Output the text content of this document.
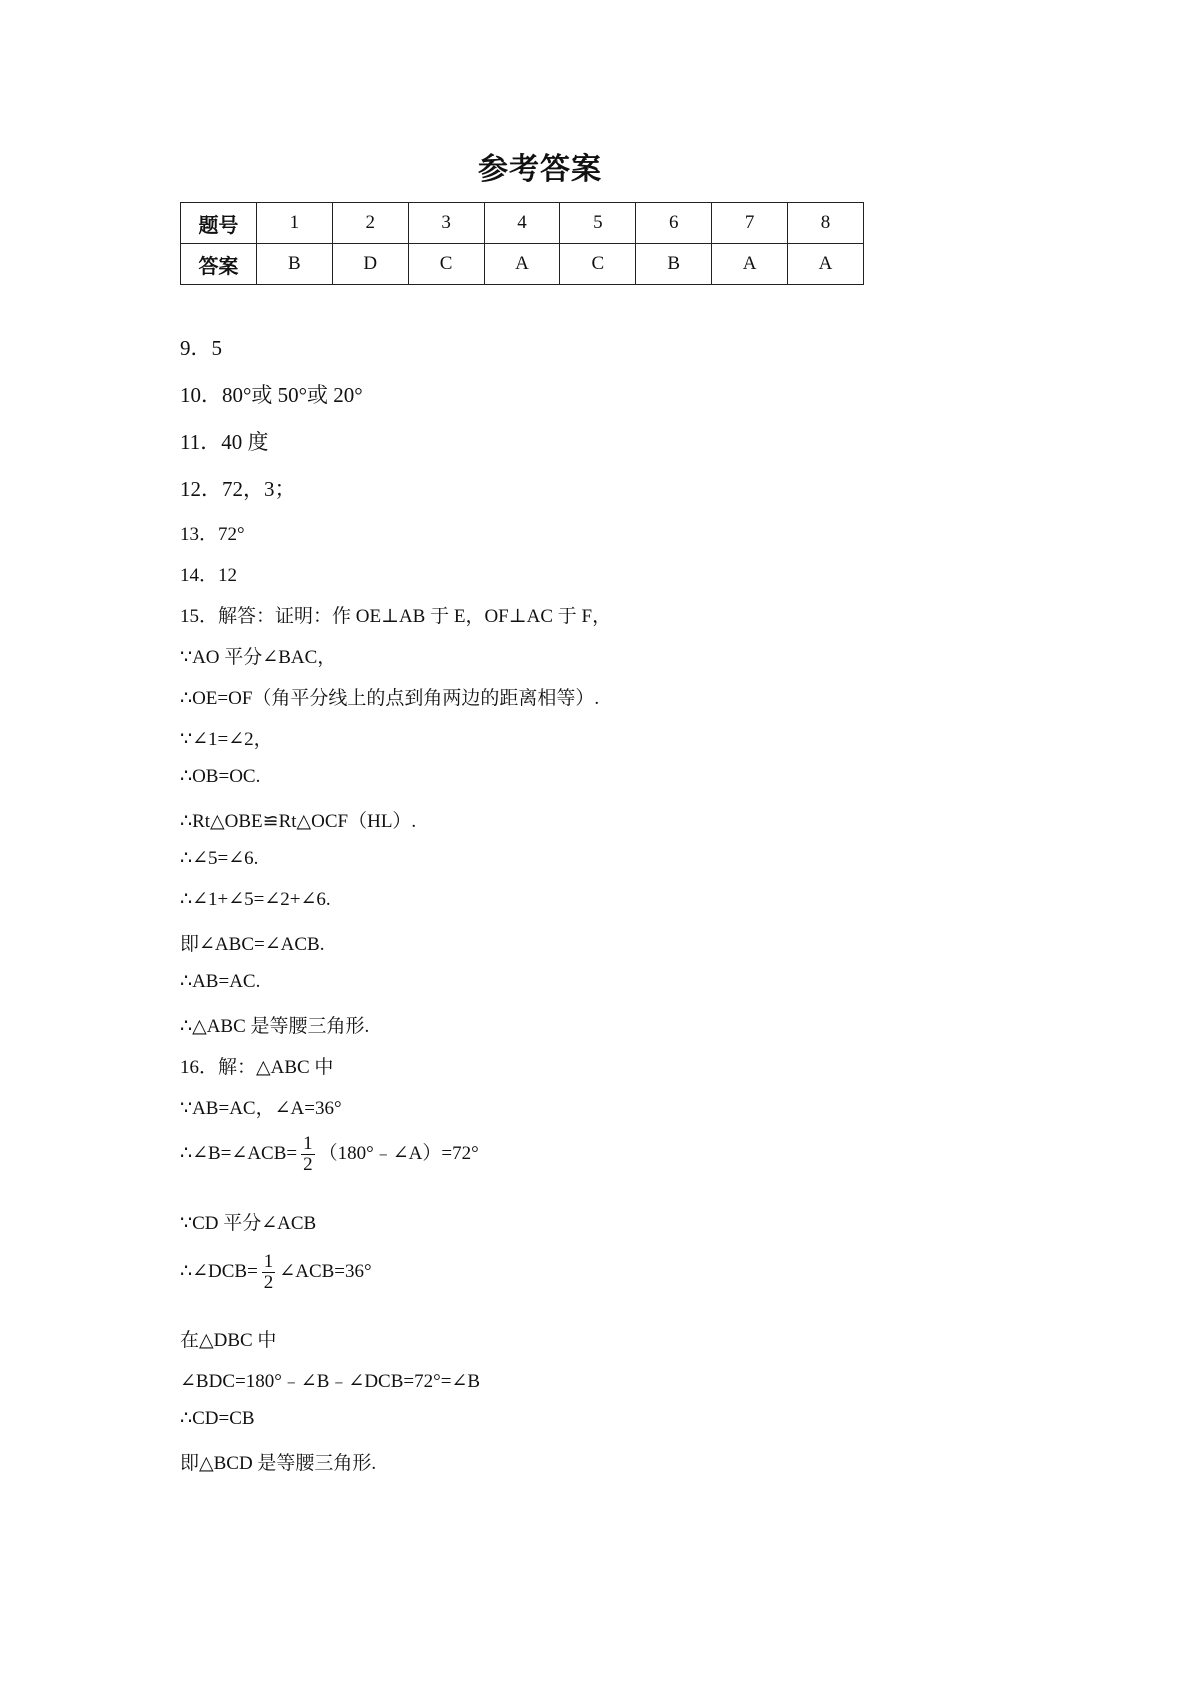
参考答案
题号	1	2	3	4	5	6	7	8
答案	B	D	C	A	C	B	A	A
9．5
10．80°或 50°或 20°
11．40 度
12．72，3；
13．72°
14．12
15．解答：证明：作 OE⊥AB 于 E，OF⊥AC 于 F，
∵AO 平分∠BAC，
∴OE=OF（角平分线上的点到角两边的距离相等）.
∵∠1=∠2，
∴OB=OC.
∴Rt△OBE≌Rt△OCF（HL）.
∴∠5=∠6.
∴∠1+∠5=∠2+∠6.
即∠ABC=∠ACB.
∴AB=AC.
∴△ABC 是等腰三角形.
16．解：△ABC 中
∵AB=AC，∠A=36°
∴∠B=∠ACB= $\frac{1}{2}$ （180°﹣∠A）=72°
∵CD 平分∠ACB
∴∠DCB= $\frac{1}{2}$ ∠ACB=36°
在△DBC 中
∠BDC=180°﹣∠B﹣∠DCB=72°=∠B
∴CD=CB
即△BCD 是等腰三角形.
